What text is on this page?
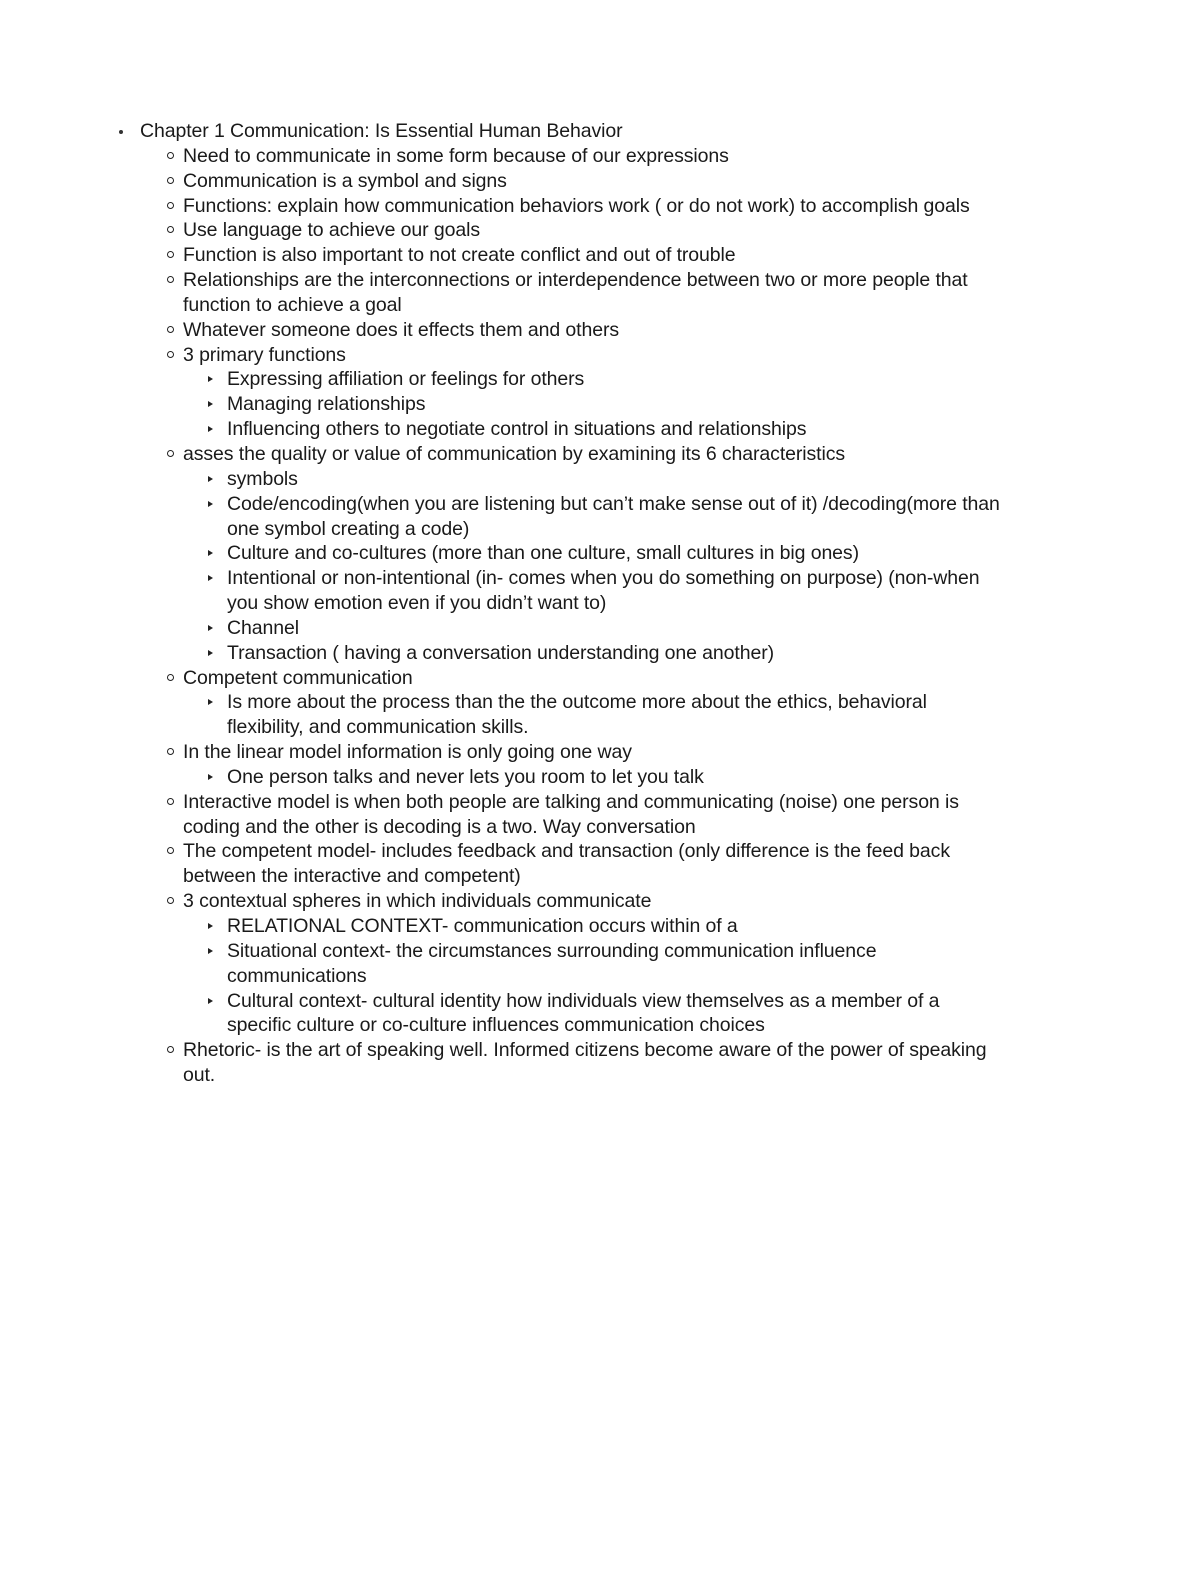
Chapter 1 Communication: Is Essential Human Behavior
Need to communicate in some form because of our expressions
Communication is a symbol and signs
Functions: explain how communication behaviors work ( or do not work) to accomplish goals
Use language to achieve our goals
Function is also important to not create conflict and out of trouble
Relationships are the interconnections or interdependence between two or more people that
function to achieve a goal
Whatever someone does it effects them and others
3 primary functions
Expressing affiliation or feelings for others
Managing relationships
Influencing others to negotiate control in situations and relationships
asses the quality or value of communication by examining its 6 characteristics
symbols
Code/encoding(when you are listening but can’t make sense out of it) /decoding(more than
one symbol creating a code)
Culture and co-cultures (more than one culture, small cultures in big ones)
Intentional or non-intentional (in- comes when you do something on purpose) (non-when
you show emotion even if you didn’t want to)
Channel
Transaction ( having a conversation understanding one another)
Competent communication
Is more about the process than the the outcome more about the ethics, behavioral
flexibility, and communication skills.
In the linear model information is only going one way
One person talks and never lets you room to let you talk
Interactive model is when both people are talking and communicating (noise) one person is
coding and the other is decoding is a two. Way conversation
The competent model- includes feedback and transaction (only difference is the feed back
between the interactive and competent)
3 contextual spheres in which individuals communicate
RELATIONAL CONTEXT- communication occurs within of a
Situational context- the circumstances surrounding communication influence
communications
Cultural context- cultural identity how individuals view themselves as a member of a
specific culture or co-culture influences communication choices
Rhetoric- is the art of speaking well. Informed citizens become aware of the power of speaking
out.
